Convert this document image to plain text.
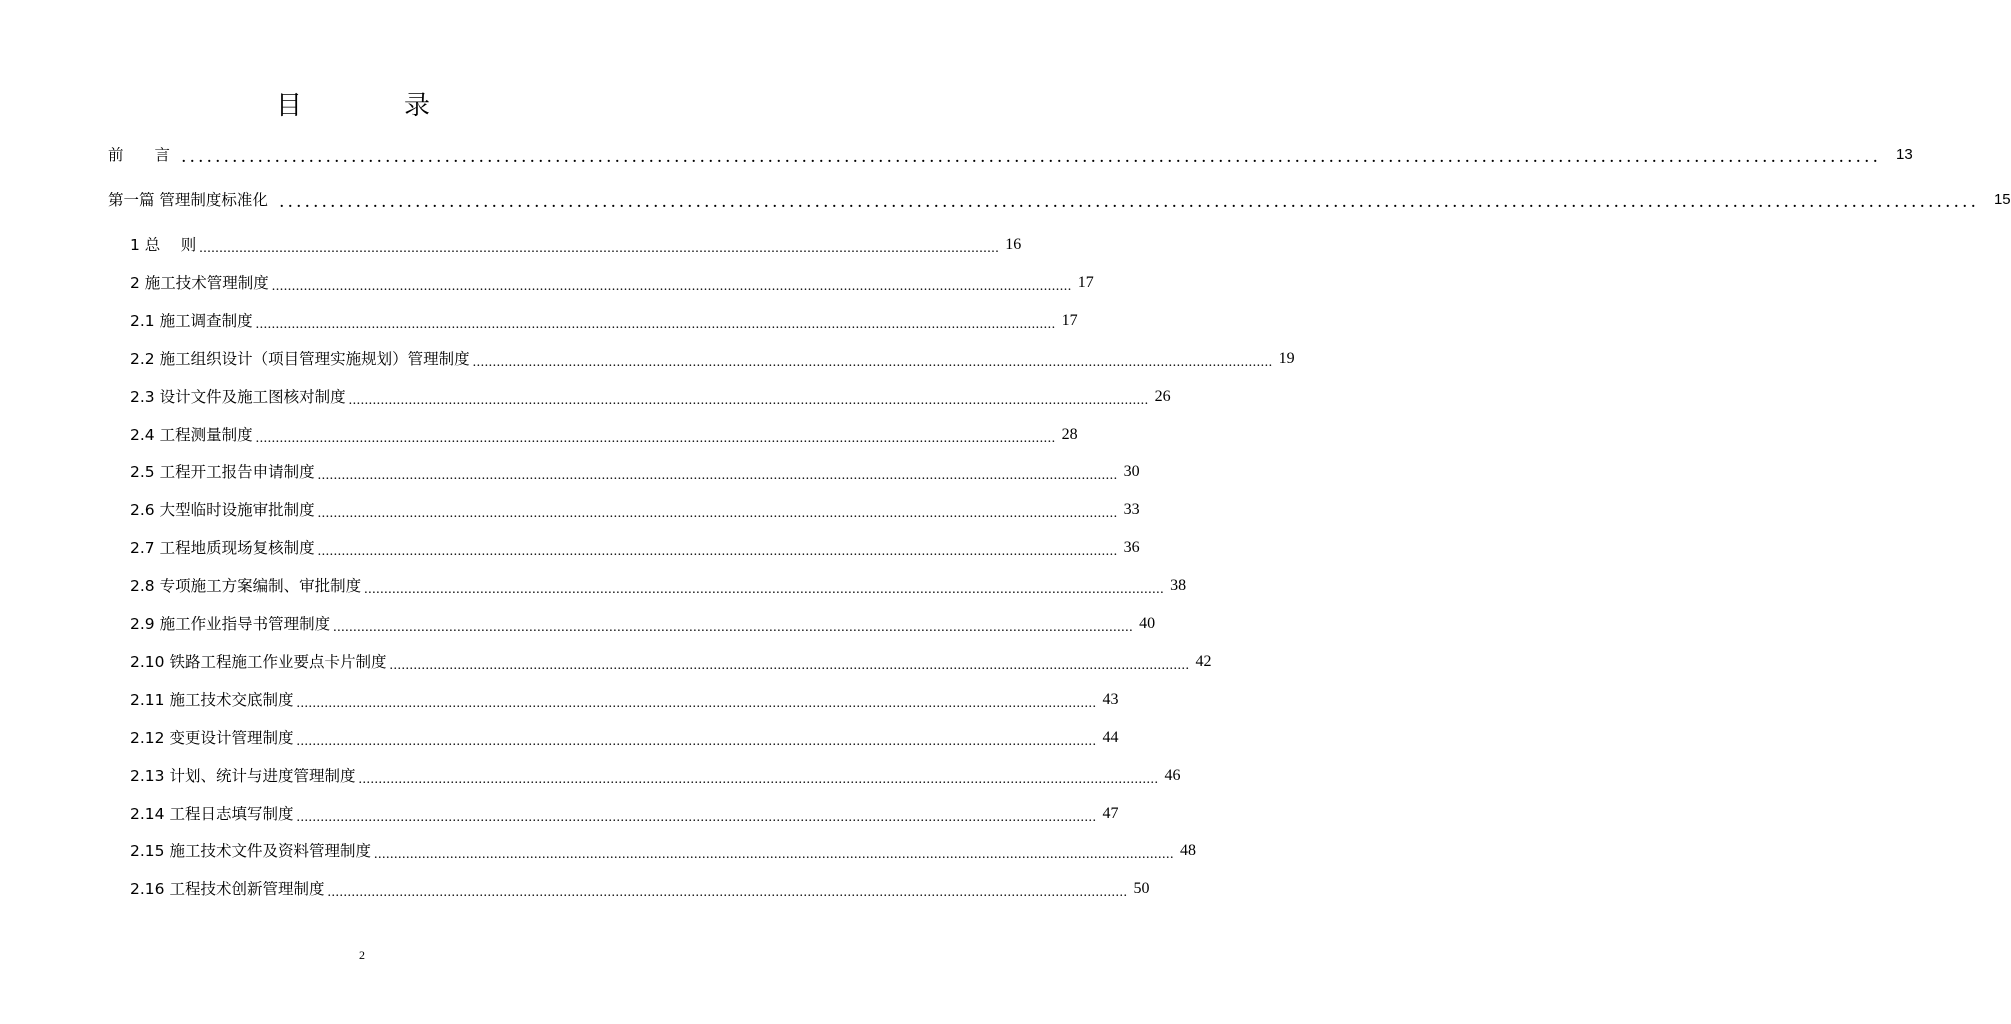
目　录
前　　言 ........................................................................................................................................................................................................ 13
第一篇 管理制度标准化 ........................................................................................................................................................................................................ 15
1 总　 则 ........................................................................................................................................................................................................ 16
2 施工技术管理制度 ........................................................................................................................................................................................................ 17
2.1 施工调查制度 ........................................................................................................................................................................................................ 17
2.2 施工组织设计（项目管理实施规划）管理制度 ........................................................................................................................................................................................................ 19
2.3 设计文件及施工图核对制度 ........................................................................................................................................................................................................ 26
2.4 工程测量制度 ........................................................................................................................................................................................................ 28
2.5 工程开工报告申请制度 ........................................................................................................................................................................................................ 30
2.6 大型临时设施审批制度 ........................................................................................................................................................................................................ 33
2.7 工程地质现场复核制度 ........................................................................................................................................................................................................ 36
2.8 专项施工方案编制、审批制度 ........................................................................................................................................................................................................ 38
2.9 施工作业指导书管理制度 ........................................................................................................................................................................................................ 40
2.10 铁路工程施工作业要点卡片制度 ........................................................................................................................................................................................................ 42
2.11 施工技术交底制度 ........................................................................................................................................................................................................ 43
2.12 变更设计管理制度 ........................................................................................................................................................................................................ 44
2.13 计划、统计与进度管理制度 ........................................................................................................................................................................................................ 46
2.14 工程日志填写制度 ........................................................................................................................................................................................................ 47
2.15 施工技术文件及资料管理制度 ........................................................................................................................................................................................................ 48
2.16 工程技术创新管理制度 ........................................................................................................................................................................................................ 50
2
